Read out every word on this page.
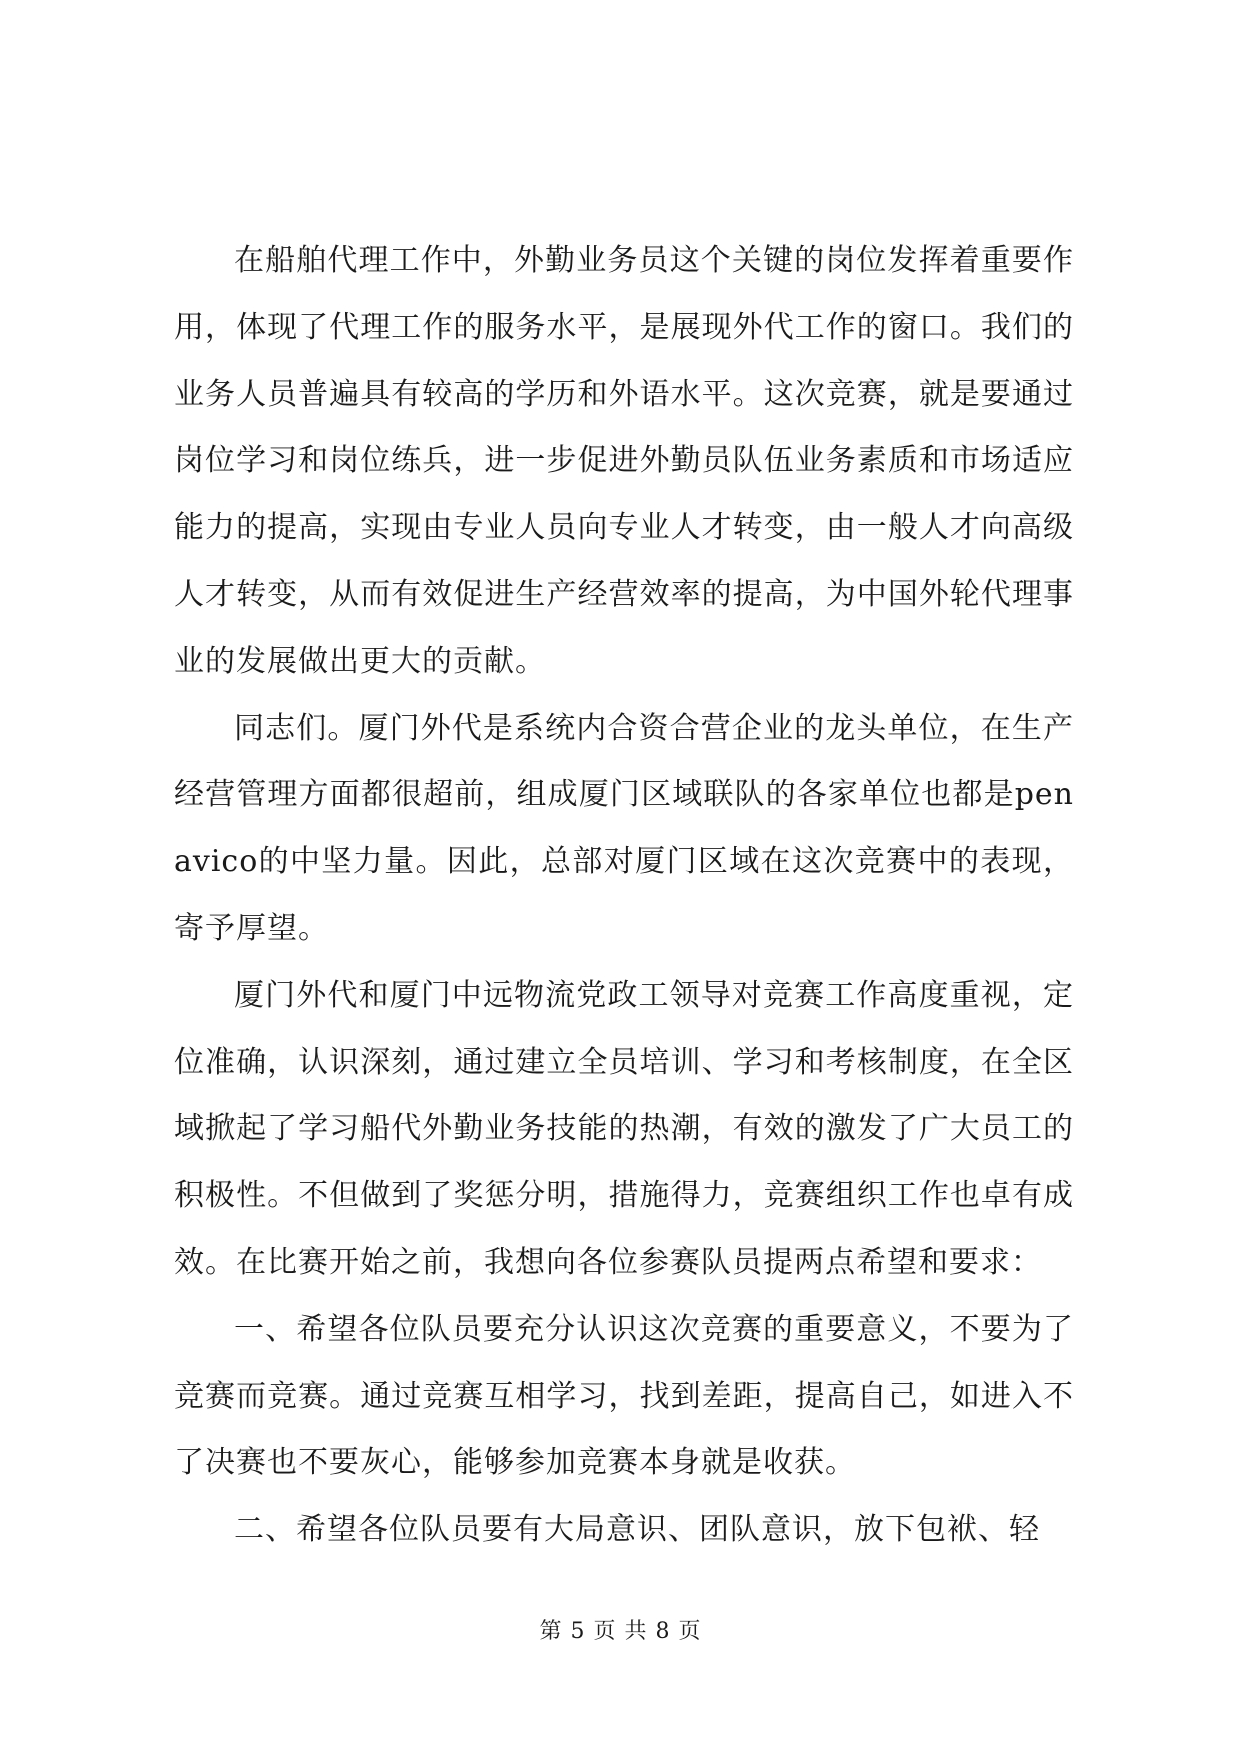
在船舶代理工作中，外勤业务员这个关键的岗位发挥着重要作用，体现了代理工作的服务水平，是展现外代工作的窗口。我们的业务人员普遍具有较高的学历和外语水平。这次竞赛，就是要通过岗位学习和岗位练兵，进一步促进外勤员队伍业务素质和市场适应能力的提高，实现由专业人员向专业人才转变，由一般人才向高级人才转变，从而有效促进生产经营效率的提高，为中国外轮代理事业的发展做出更大的贡献。

同志们。厦门外代是系统内合资合营企业的龙头单位，在生产经营管理方面都很超前，组成厦门区域联队的各家单位也都是penavico的中坚力量。因此，总部对厦门区域在这次竞赛中的表现，寄予厚望。

厦门外代和厦门中远物流党政工领导对竞赛工作高度重视，定位准确，认识深刻，通过建立全员培训、学习和考核制度，在全区域掀起了学习船代外勤业务技能的热潮，有效的激发了广大员工的积极性。不但做到了奖惩分明，措施得力，竞赛组织工作也卓有成效。在比赛开始之前，我想向各位参赛队员提两点希望和要求：

一、希望各位队员要充分认识这次竞赛的重要意义，不要为了竞赛而竞赛。通过竞赛互相学习，找到差距，提高自己，如进入不了决赛也不要灰心，能够参加竞赛本身就是收获。

二、希望各位队员要有大局意识、团队意识，放下包袱、轻

第 5 页 共 8 页
